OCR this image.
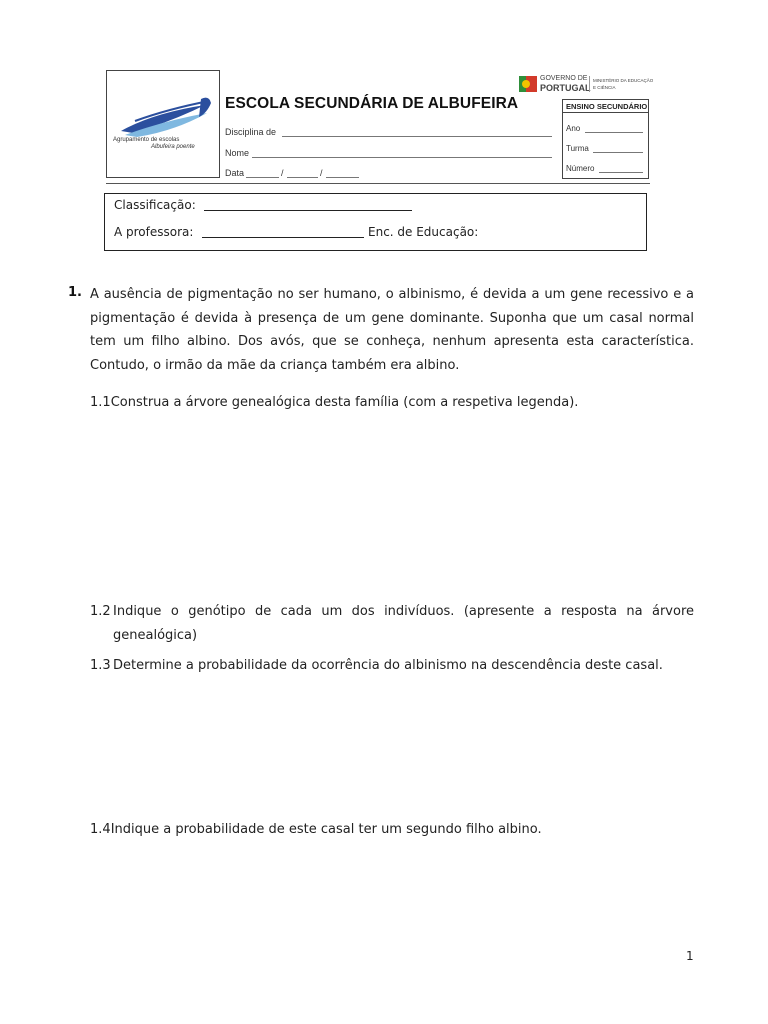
Agrupamento de escolas
Albufeira poente
ESCOLA SECUNDÁRIA DE ALBUFEIRA
GOVERNO DE
PORTUGAL
MINISTÉRIO DA EDUCAÇÃO
E CIÊNCIA
Disciplina de
Nome
Data	/	/
ENSINO SECUNDÁRIO
Ano
Turma
Número
Classificação:
A professora:	Enc. de Educação:
1. A ausência de pigmentação no ser humano, o albinismo, é devida a um gene recessivo e a pigmentação é devida à presença de um gene dominante. Suponha que um casal normal tem um filho albino. Dos avós, que se conheça, nenhum apresenta esta característica. Contudo, o irmão da mãe da criança também era albino.
1.1Construa a árvore genealógica desta família (com a respetiva legenda).
1.2 Indique o genótipo de cada um dos indivíduos. (apresente a resposta na árvore genealógica)
1.3 Determine a probabilidade da ocorrência do albinismo na descendência deste casal.
1.4Indique a probabilidade de este casal ter um segundo filho albino.
1
